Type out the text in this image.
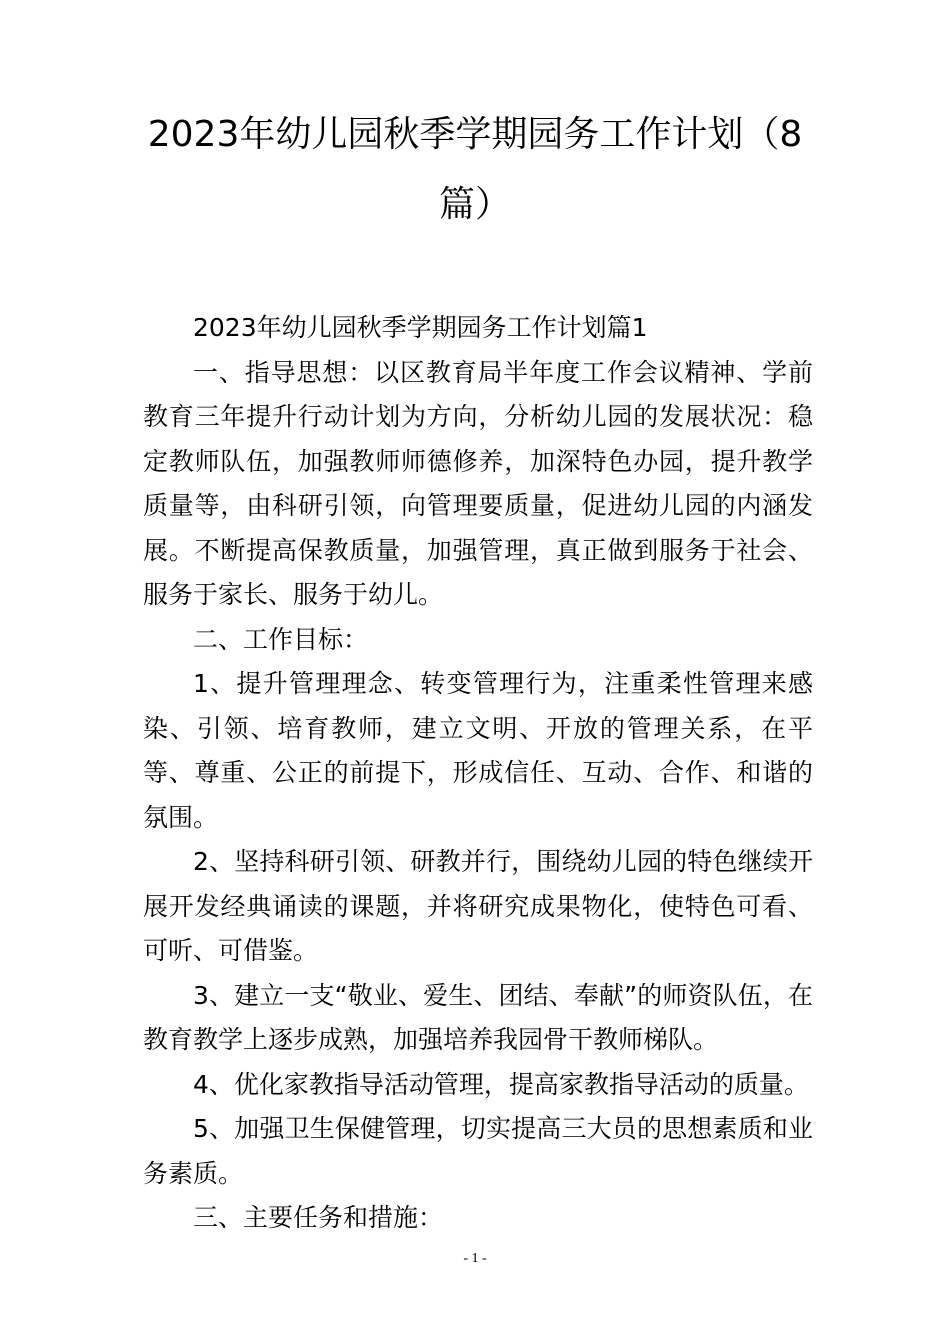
2023年幼儿园秋季学期园务工作计划（8篇）

2023年幼儿园秋季学期园务工作计划篇1

一、指导思想：以区教育局半年度工作会议精神、学前教育三年提升行动计划为方向，分析幼儿园的发展状况：稳定教师队伍，加强教师师德修养，加深特色办园，提升教学质量等，由科研引领，向管理要质量，促进幼儿园的内涵发展。不断提高保教质量，加强管理，真正做到服务于社会、服务于家长、服务于幼儿。

二、工作目标：

1、提升管理理念、转变管理行为，注重柔性管理来感染、引领、培育教师，建立文明、开放的管理关系，在平等、尊重、公正的前提下，形成信任、互动、合作、和谐的氛围。

2、坚持科研引领、研教并行，围绕幼儿园的特色继续开展开发经典诵读的课题，并将研究成果物化，使特色可看、可听、可借鉴。

3、建立一支“敬业、爱生、团结、奉献”的师资队伍，在教育教学上逐步成熟，加强培养我园骨干教师梯队。

4、优化家教指导活动管理，提高家教指导活动的质量。

5、加强卫生保健管理，切实提高三大员的思想素质和业务素质。

三、主要任务和措施：

- 1 -
